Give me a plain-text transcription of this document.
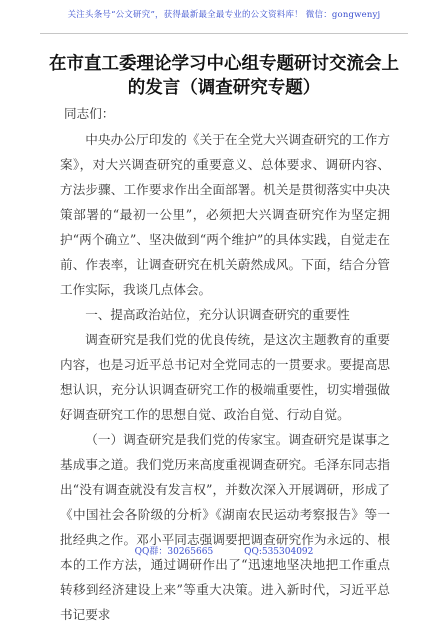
关注头条号“公文研究”，获得最新最全最专业的公文资料库！ 微信：gongwenyj
在市直工委理论学习中心组专题研讨交流会上
的发言（调查研究专题）

同志们：

中央办公厅印发的《关于在全党大兴调查研究的工作方案》，对大兴调查研究的重要意义、总体要求、调研内容、方法步骤、工作要求作出全面部署。机关是贯彻落实中央决策部署的“最初一公里”，必须把大兴调查研究作为坚定拥护“两个确立”、坚决做到“两个维护”的具体实践，自觉走在前、作表率，让调查研究在机关蔚然成风。下面，结合分管工作实际，我谈几点体会。

一、提高政治站位，充分认识调查研究的重要性

调查研究是我们党的优良传统，是这次主题教育的重要内容，也是习近平总书记对全党同志的一贯要求。要提高思想认识，充分认识调查研究工作的极端重要性，切实增强做好调查研究工作的思想自觉、政治自觉、行动自觉。

（一）调查研究是我们党的传家宝。调查研究是谋事之基成事之道。我们党历来高度重视调查研究。毛泽东同志指出“没有调查就没有发言权”，并数次深入开展调研，形成了《中国社会各阶级的分析》《湖南农民运动考察报告》等一批经典之作。邓小平同志强调要把调查研究作为永远的、根本的工作方法，通过调研作出了“迅速地坚决地把工作重点转移到经济建设上来”等重大决策。进入新时代，习近平总书记要求

QQ群：30265665	QQ:535304092
